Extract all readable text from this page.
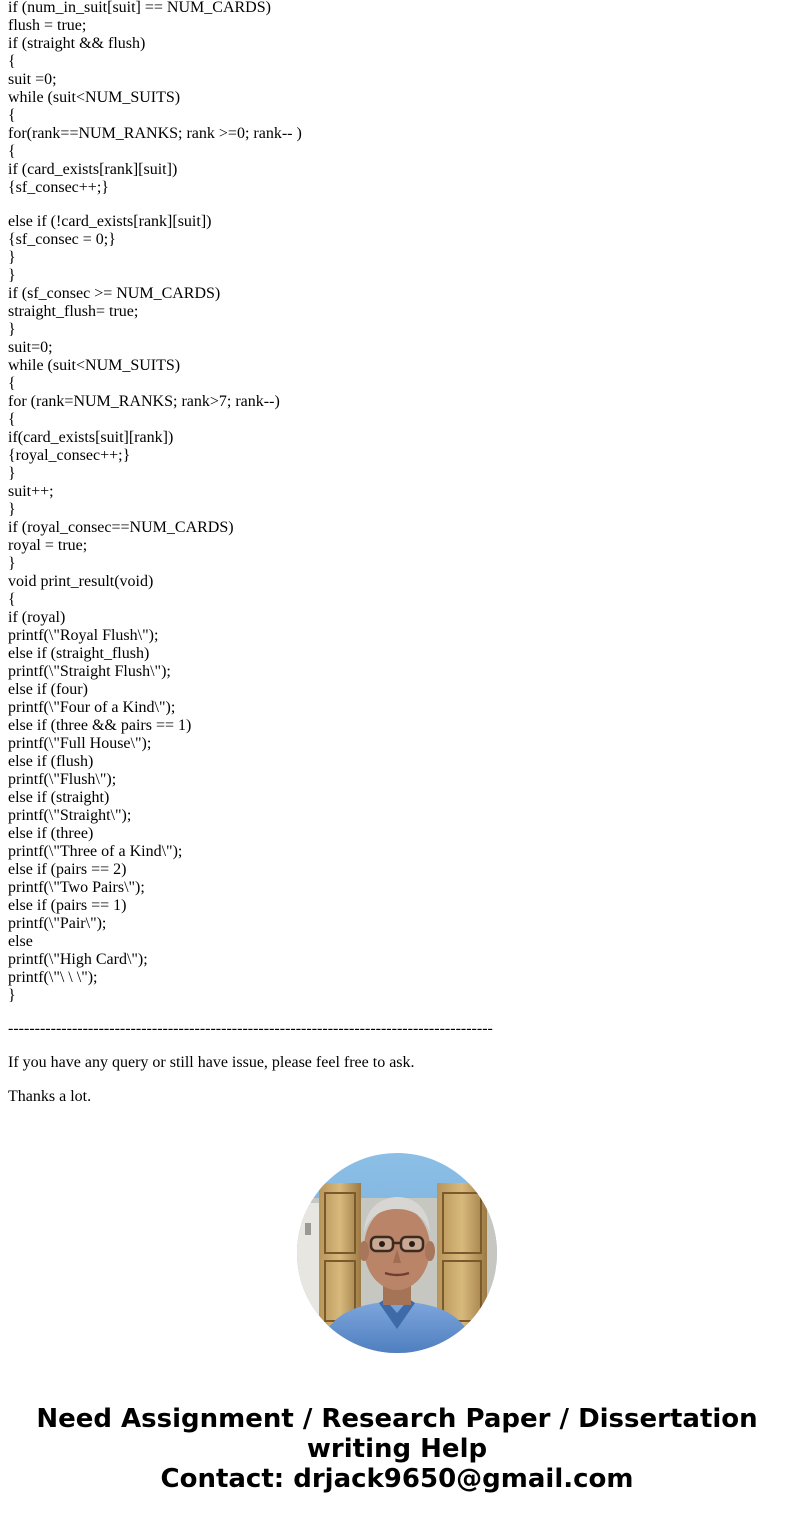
if (num_in_suit[suit] == NUM_CARDS)
flush = true;
if (straight && flush)
{
suit =0;
while (suit<NUM_SUITS)
{
for(rank==NUM_RANKS; rank >=0; rank-- )
{
if (card_exists[rank][suit])
{sf_consec++;}
else if (!card_exists[rank][suit])
{sf_consec = 0;}
}
}
if (sf_consec >= NUM_CARDS)
straight_flush= true;
}
suit=0;
while (suit<NUM_SUITS)
{
for (rank=NUM_RANKS; rank>7; rank--)
{
if(card_exists[suit][rank])
{royal_consec++;}
}
suit++;
}
if (royal_consec==NUM_CARDS)
royal = true;
}
void print_result(void)
{
if (royal)
printf(\"Royal Flush\");
else if (straight_flush)
printf(\"Straight Flush\");
else if (four)
printf(\"Four of a Kind\");
else if (three && pairs == 1)
printf(\"Full House\");
else if (flush)
printf(\"Flush\");
else if (straight)
printf(\"Straight\");
else if (three)
printf(\"Three of a Kind\");
else if (pairs == 2)
printf(\"Two Pairs\");
else if (pairs == 1)
printf(\"Pair\");
else
printf(\"High Card\");
printf(\"\ \ \");
}
-------------------------------------------------------------------------------------------
If you have any query or still have issue, please feel free to ask.
Thanks a lot.
Need Assignment / Research Paper / Dissertation
writing Help
Contact: drjack9650@gmail.com
